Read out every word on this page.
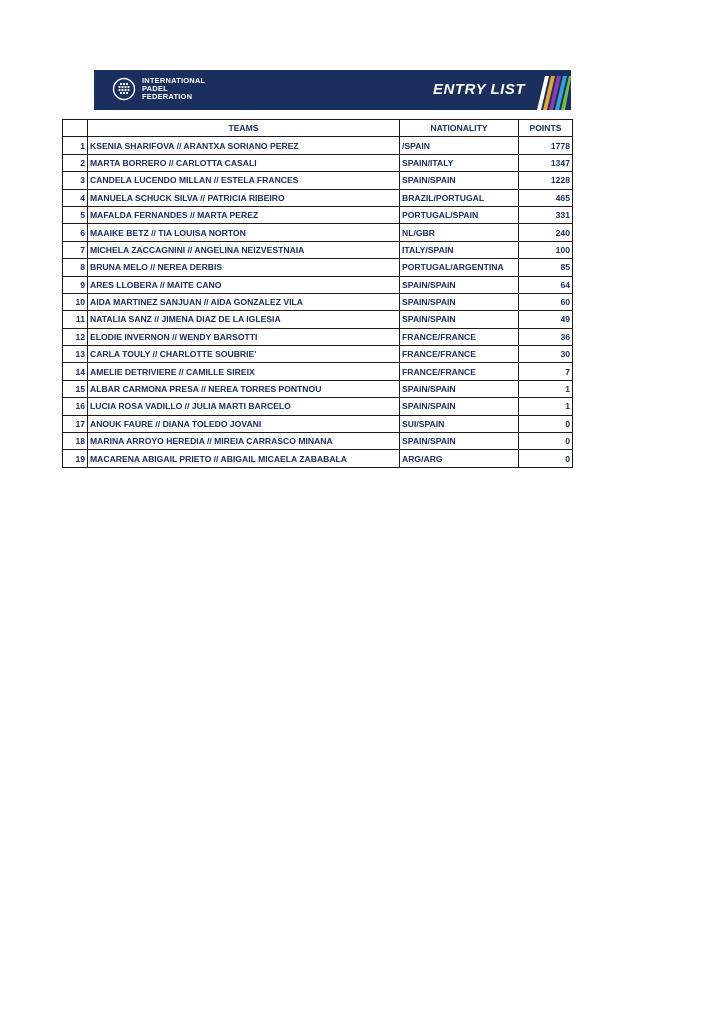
INTERNATIONAL
PADEL
FEDERATION	ENTRY LIST
	TEAMS	NATIONALITY	POINTS
1	KSENIA SHARIFOVA // ARANTXA SORIANO PEREZ	/SPAIN	1778
2	MARTA BORRERO // CARLOTTA CASALI	SPAIN/ITALY	1347
3	CANDELA LUCENDO MILLAN // ESTELA FRANCES	SPAIN/SPAIN	1228
4	MANUELA SCHUCK SILVA // PATRICIA RIBEIRO	BRAZIL/PORTUGAL	465
5	MAFALDA FERNANDES // MARTA PEREZ	PORTUGAL/SPAIN	331
6	MAAIKE BETZ // TIA LOUISA NORTON	NL/GBR	240
7	MICHELA ZACCAGNINI // ANGELINA NEIZVESTNAIA	ITALY/SPAIN	100
8	BRUNA MELO // NEREA DERBIS	PORTUGAL/ARGENTINA	85
9	ARES LLOBERA // MAITE CANO	SPAIN/SPAIN	64
10	AIDA MARTINEZ SANJUAN // AIDA GONZALEZ VILA	SPAIN/SPAIN	60
11	NATALIA SANZ // JIMENA DIAZ DE LA IGLESIA	SPAIN/SPAIN	49
12	ELODIE INVERNON // WENDY BARSOTTI	FRANCE/FRANCE	36
13	CARLA TOULY // CHARLOTTE SOUBRIE'	FRANCE/FRANCE	30
14	AMELIE DETRIVIERE // CAMILLE SIREIX	FRANCE/FRANCE	7
15	ALBAR CARMONA PRESA // NEREA TORRES PONTNOU	SPAIN/SPAIN	1
16	LUCIA ROSA VADILLO // JULIA MARTI BARCELO	SPAIN/SPAIN	1
17	ANOUK FAURE // DIANA TOLEDO JOVANI	SUI/SPAIN	0
18	MARINA ARROYO HEREDIA // MIREIA CARRASCO MINANA	SPAIN/SPAIN	0
19	MACARENA ABIGAIL PRIETO // ABIGAIL MICAELA ZABABALA	ARG/ARG	0
